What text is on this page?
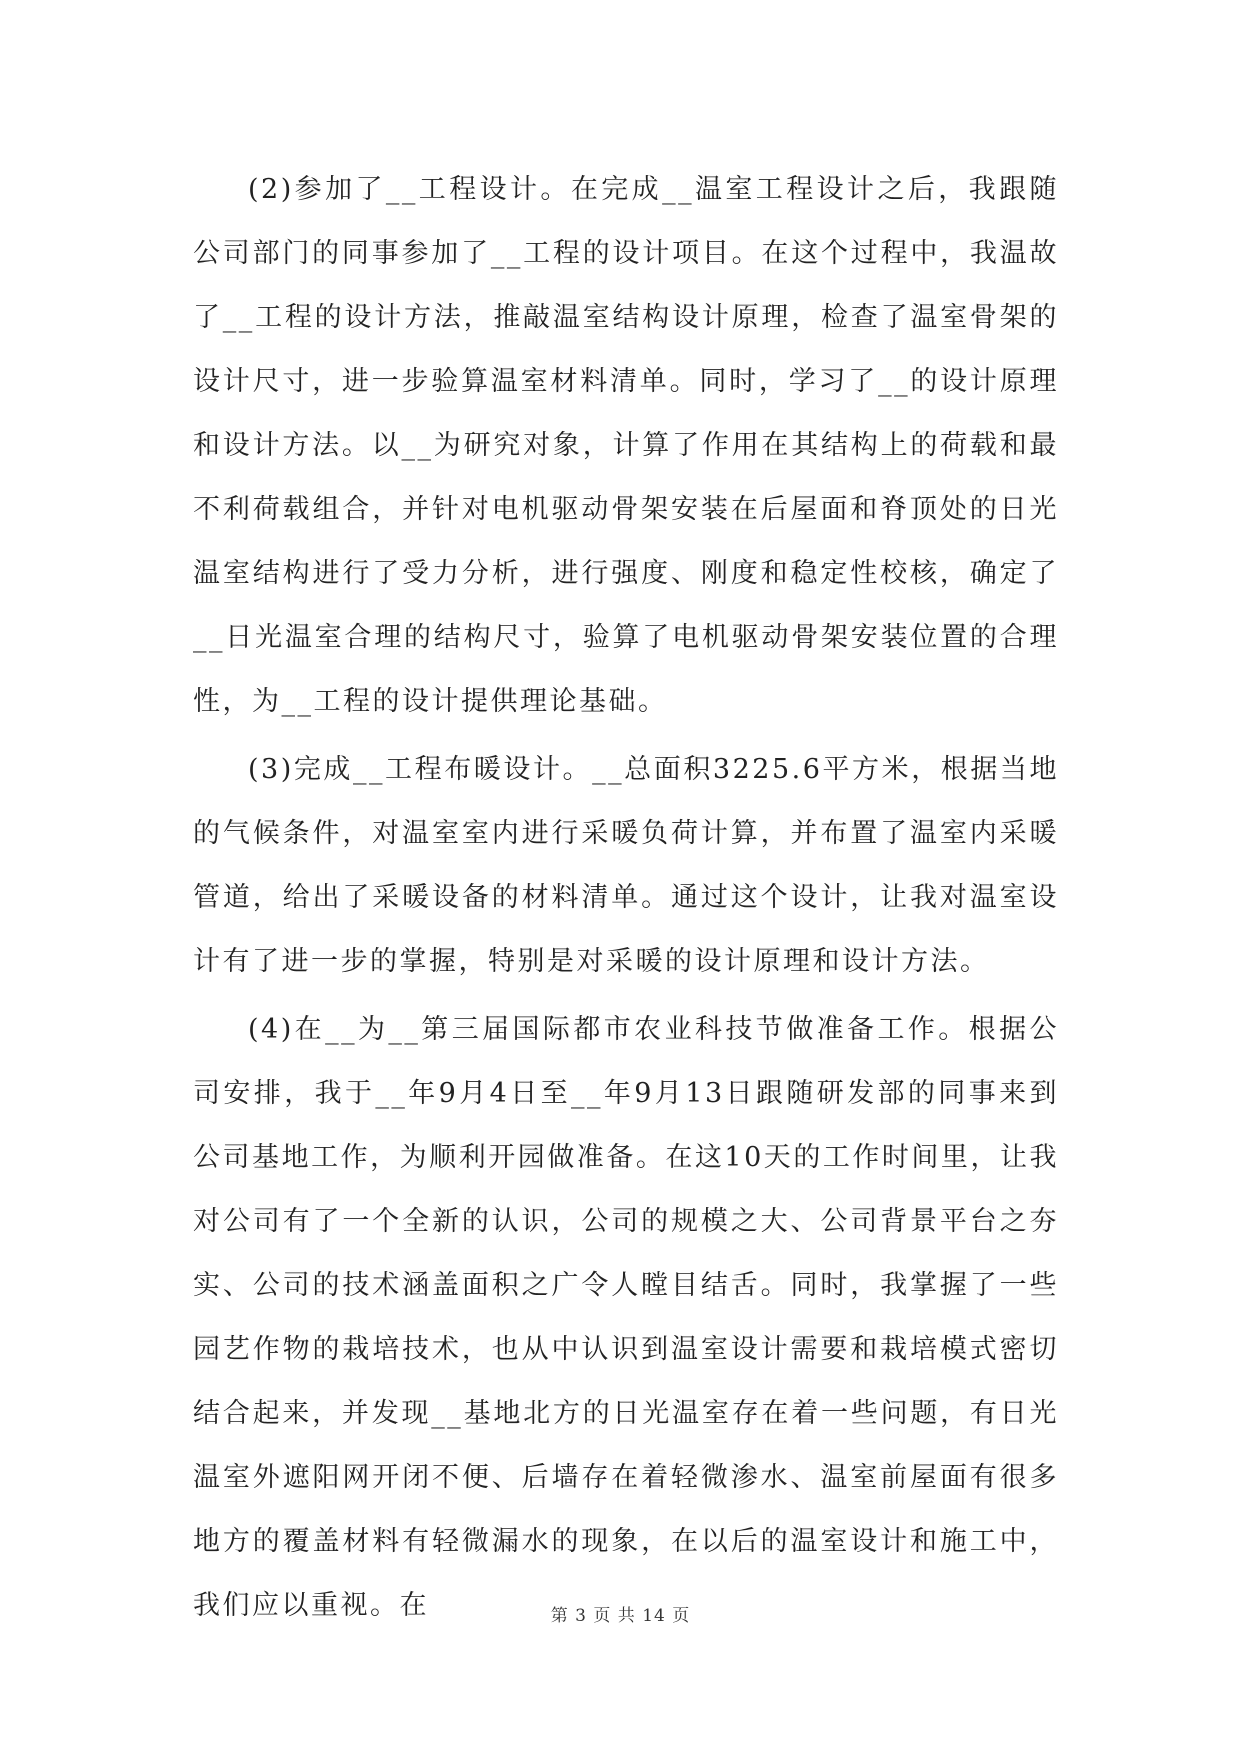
(2)参加了__工程设计。在完成__温室工程设计之后，我跟随公司部门的同事参加了__工程的设计项目。在这个过程中，我温故了__工程的设计方法，推敲温室结构设计原理，检查了温室骨架的设计尺寸，进一步验算温室材料清单。同时，学习了__的设计原理和设计方法。以__为研究对象，计算了作用在其结构上的荷载和最不利荷载组合，并针对电机驱动骨架安装在后屋面和脊顶处的日光温室结构进行了受力分析，进行强度、刚度和稳定性校核，确定了__日光温室合理的结构尺寸，验算了电机驱动骨架安装位置的合理性，为__工程的设计提供理论基础。

(3)完成__工程布暖设计。__总面积3225.6平方米，根据当地的气候条件，对温室室内进行采暖负荷计算，并布置了温室内采暖管道，给出了采暖设备的材料清单。通过这个设计，让我对温室设计有了进一步的掌握，特别是对采暖的设计原理和设计方法。

(4)在__为__第三届国际都市农业科技节做准备工作。根据公司安排，我于__年9月4日至__年9月13日跟随研发部的同事来到公司基地工作，为顺利开园做准备。在这10天的工作时间里，让我对公司有了一个全新的认识，公司的规模之大、公司背景平台之夯实、公司的技术涵盖面积之广令人瞠目结舌。同时，我掌握了一些园艺作物的栽培技术，也从中认识到温室设计需要和栽培模式密切结合起来，并发现__基地北方的日光温室存在着一些问题，有日光温室外遮阳网开闭不便、后墙存在着轻微渗水、温室前屋面有很多地方的覆盖材料有轻微漏水的现象，在以后的温室设计和施工中，我们应以重视。在	第 3 页 共 14 页
